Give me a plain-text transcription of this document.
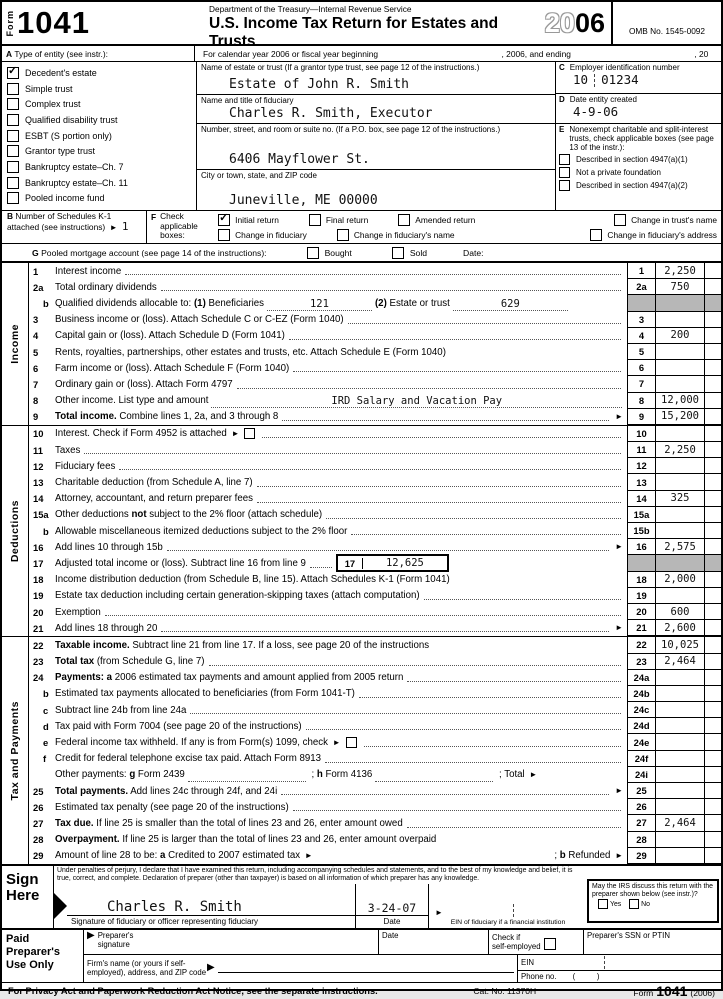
Form 1041	Department of the Treasury—Internal Revenue Service
U.S. Income Tax Return for Estates and Trusts
20 06	OMB No. 1545-0092
A
Type of entity (see instr.):	For calendar year 2006 or fiscal year beginning	, 2006, and ending	, 20

✓
Decedent's estate
Simple trust
Complex trust
Qualified disability trust
ESBT (S portion only)
Grantor type trust
Bankruptcy estate–Ch. 7
Bankruptcy estate–Ch. 11
Pooled income fund
Name of estate or trust (If a grantor type trust, see page 12 of the instructions.)
Estate of John R. Smith
Name and title of fiduciary
Charles R. Smith, Executor
Number, street, and room or suite no. (If a P.O. box, see page 12 of the instructions.)
6406 Mayflower St.
City or town, state, and ZIP code
Juneville, ME 00000
C Employer identification number
10 01234
D Date entity created
4-9-06
E Nonexempt charitable and split-interest trusts, check applicable boxes (see page 13 of the instr.):
Described in section 4947(a)(1)
Not a private foundation
Described in section 4947(a)(2)
B Number of Schedules K-1 attached (see instructions) ► 1
F Check applicable boxes:
✓
Initial return	Final return	Amended return	Change in trust's name
Change in fiduciary	Change in fiduciary's name	Change in fiduciary's address
G
Pooled mortgage account (see page 14 of the instructions):	Bought	Sold	Date:
Income
1	Interest income	1	2,250
2a	Total ordinary dividends	2a	750
b Qualified dividends allocable to: (1) Beneficiaries	121	(2) Estate or trust	629
3	Business income or (loss). Attach Schedule C or C-EZ (Form 1040)	3
4	Capital gain or (loss). Attach Schedule D (Form 1041)	4	200
5	Rents, royalties, partnerships, other estates and trusts, etc. Attach Schedule E (Form 1040)	5
6	Farm income or (loss). Attach Schedule F (Form 1040)	6
7	Ordinary gain or (loss). Attach Form 4797	7
8	Other income. List type and amount	IRD Salary and Vacation Pay	8	12,000
9	Total income. Combine lines 1, 2a, and 3 through 8	►	9	15,200
Deductions
10	Interest. Check if Form 4952 is attached ►	10
11	Taxes	11	2,250
12	Fiduciary fees	12
13	Charitable deduction (from Schedule A, line 7)	13
14	Attorney, accountant, and return preparer fees	14	325
15a Other deductions not subject to the 2% floor (attach schedule)	15a
b Allowable miscellaneous itemized deductions subject to the 2% floor	15b
16	Add lines 10 through 15b	►	16	2,575
17	Adjusted total income or (loss). Subtract line 16 from line 9	17	12,625
18	Income distribution deduction (from Schedule B, line 15). Attach Schedules K-1 (Form 1041)	18	2,000
19	Estate tax deduction including certain generation-skipping taxes (attach computation)	19
20	Exemption	20	600
21	Add lines 18 through 20	►	21	2,600
Tax and Payments
22	Taxable income. Subtract line 21 from line 17. If a loss, see page 20 of the instructions	22	10,025
23	Total tax (from Schedule G, line 7)	23	2,464
24	Payments: a 2006 estimated tax payments and amount applied from 2005 return	24a
b Estimated tax payments allocated to beneficiaries (from Form 1041-T)	24b
c Subtract line 24b from line 24a	24c
d Tax paid with Form 7004 (see page 20 of the instructions)	24d
e Federal income tax withheld. If any is from Form(s) 1099, check ►	24e
f Credit for federal telephone excise tax paid. Attach Form 8913	24f
Other payments: g Form 2439	; h Form 4136	; Total ►	24i
25	Total payments. Add lines 24c through 24f, and 24i	►	25
26	Estimated tax penalty (see page 20 of the instructions)	26
27	Tax due. If line 25 is smaller than the total of lines 23 and 26, enter amount owed	27	2,464
28	Overpayment. If line 25 is larger than the total of lines 23 and 26, enter amount overpaid	28
29	Amount of line 28 to be: a Credited to 2007 estimated tax ►	; b Refunded ►	29
Sign
Here
Under penalties of perjury, I declare that I have examined this return, including accompanying schedules and statements, and to the best of my knowledge and belief, it is true, correct, and complete. Declaration of preparer (other than taxpayer) is based on all information of which preparer has any knowledge.
Charles R. Smith
Signature of fiduciary or officer representing fiduciary
3-24-07
Date
►
EIN of fiduciary if a financial institution
May the IRS discuss this return with the preparer shown below (see instr.)? Yes	No
Paid
Preparer's
Use Only
▶ Preparer's
signature
Date	Check if
self-employed
Preparer's SSN or PTIN
Firm's name (or yours if self-employed), address, and ZIP code ▶	EIN
Phone no. (          )
For Privacy Act and Paperwork Reduction Act Notice, see the separate instructions.	Cat. No. 11370H	Form 1041 (2006)
